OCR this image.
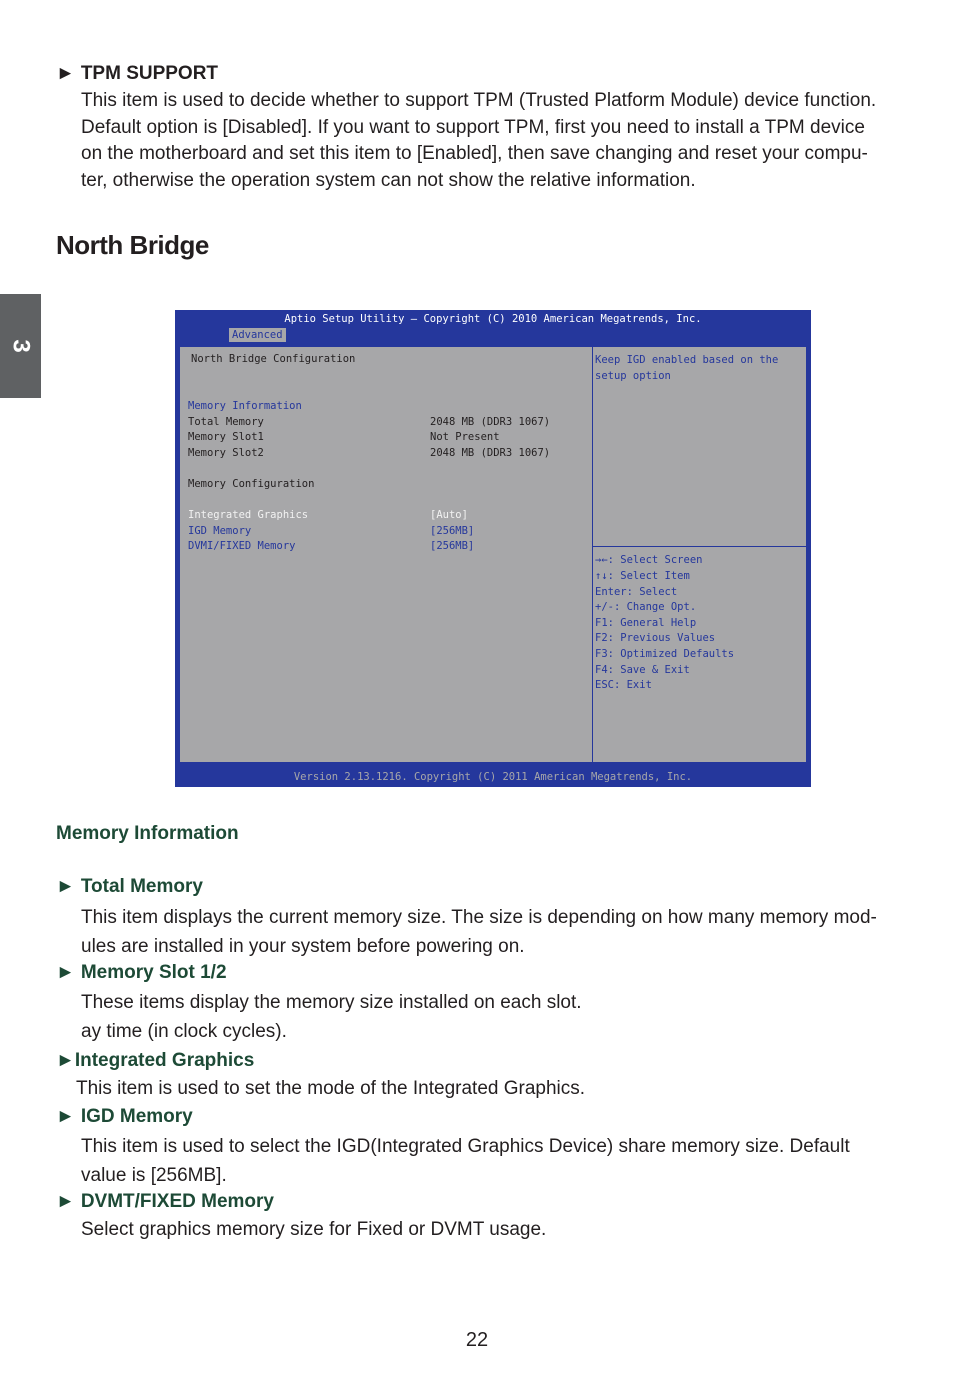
3
► TPM SUPPORT
This item is used to decide whether to support TPM (Trusted Platform Module) device function.
Default option is [Disabled]. If you want to support TPM, first you need to install a TPM device
on the motherboard and set this item to [Enabled], then save changing and reset your compu-
ter, otherwise the operation system can not show the relative information.
North Bridge
Aptio Setup Utility – Copyright (C) 2010 American Megatrends, Inc.
Advanced
North Bridge Configuration
Memory Information
Total Memory	2048 MB (DDR3 1067)
Memory Slot1	Not Present
Memory Slot2	2048 MB (DDR3 1067)
Memory Configuration
Integrated Graphics	[Auto]
IGD Memory	[256MB]
DVMI/FIXED Memory	[256MB]
Keep IGD enabled based on the
setup option
→←: Select Screen
↑↓: Select Item
Enter: Select
+/-: Change Opt.
F1: General Help
F2: Previous Values
F3: Optimized Defaults
F4: Save & Exit
ESC: Exit
Version 2.13.1216. Copyright (C) 2011 American Megatrends, Inc.
Memory Information
► Total Memory
This item displays the current memory size. The size is depending on how many memory mod-
ules are installed in your system before powering on.
► Memory Slot 1/2
These items display the memory size installed on each slot.
ay time (in clock cycles).
►Integrated Graphics
This item is used to set the mode of the Integrated Graphics.
► IGD Memory
This item is used to select the IGD(Integrated Graphics Device) share memory size. Default
value is [256MB].
► DVMT/FIXED Memory
Select graphics memory size for Fixed or DVMT usage.
22
